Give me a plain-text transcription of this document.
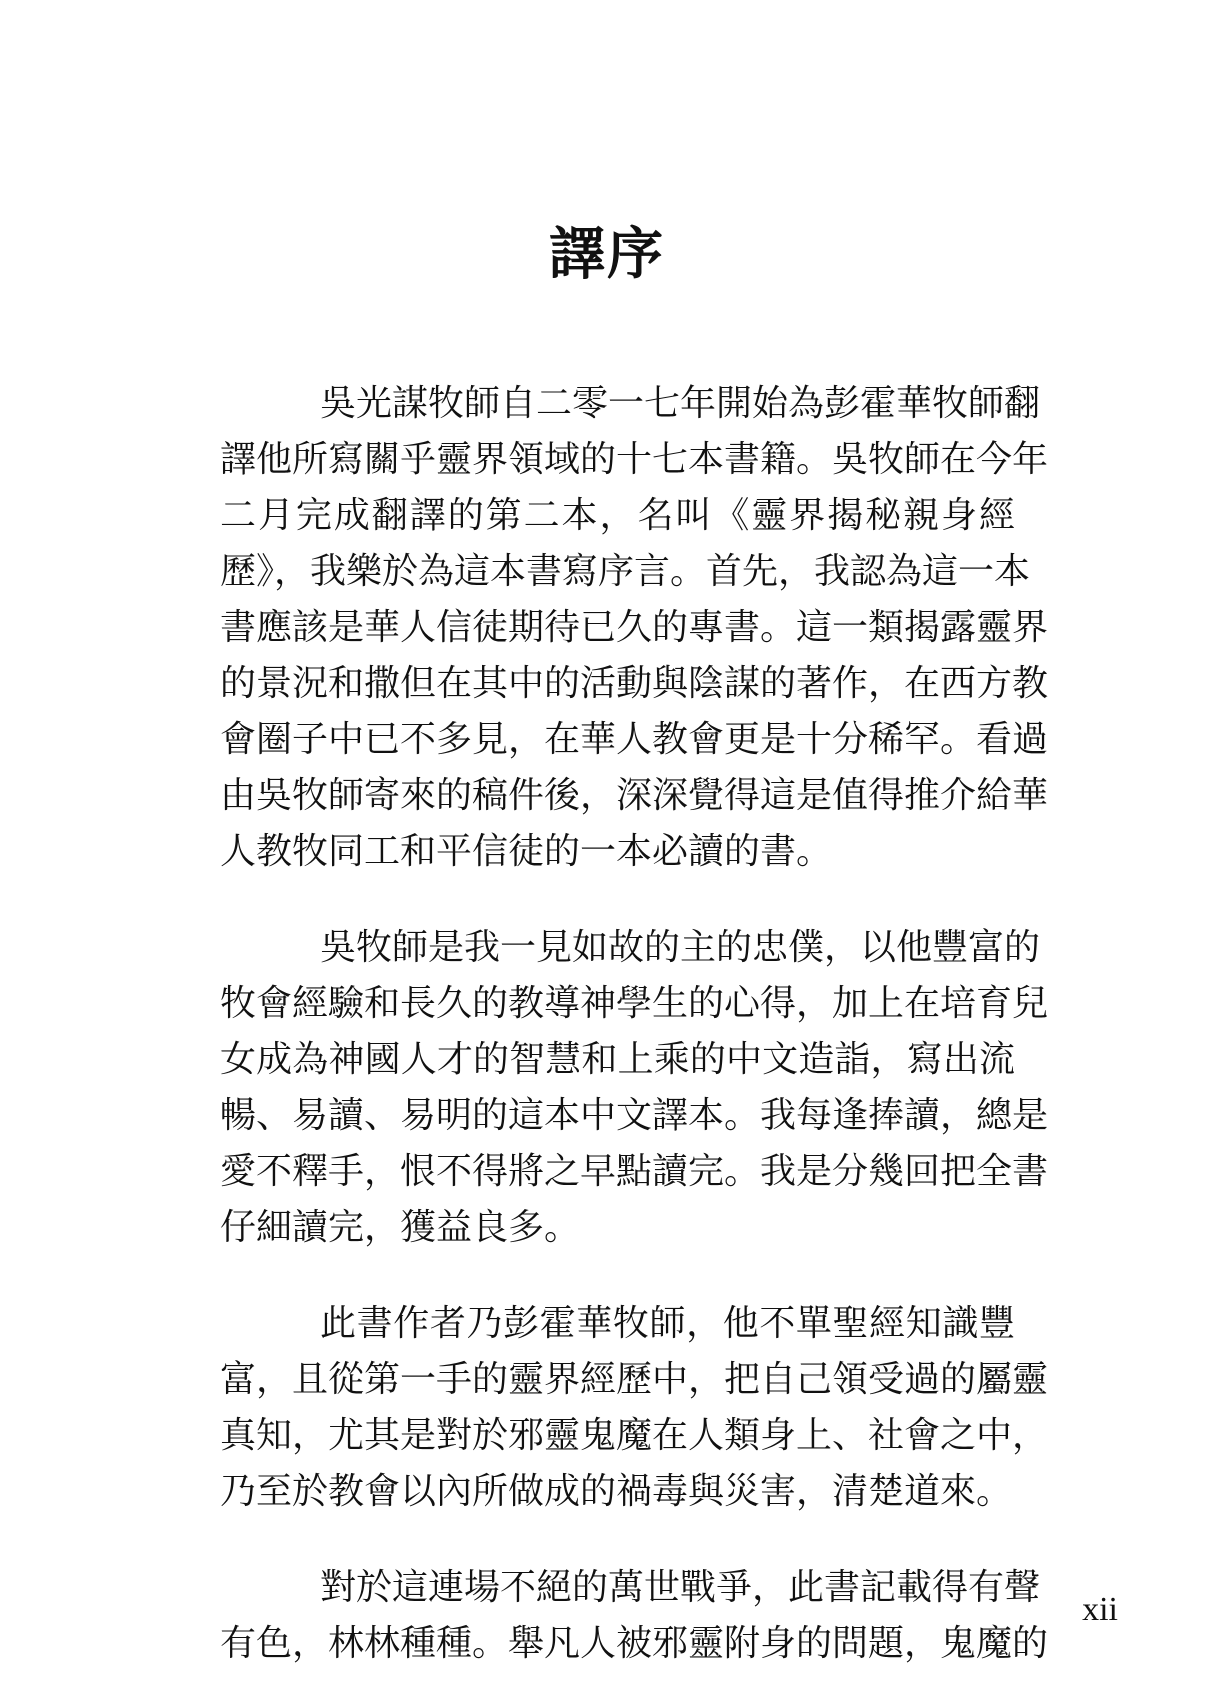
譯序
吳光謀牧師自二零一七年開始為彭霍華牧師翻
譯他所寫關乎靈界領域的十七本書籍。吳牧師在今年
二月完成翻譯的第二本，名叫《靈界揭秘親身經
歷》，我樂於為這本書寫序言。首先，我認為這一本
書應該是華人信徒期待已久的專書。這一類揭露靈界
的景況和撒但在其中的活動與陰謀的著作，在西方教
會圈子中已不多見，在華人教會更是十分稀罕。看過
由吳牧師寄來的稿件後，深深覺得這是值得推介給華
人教牧同工和平信徒的一本必讀的書。
吳牧師是我一見如故的主的忠僕，以他豐富的
牧會經驗和長久的教導神學生的心得，加上在培育兒
女成為神國人才的智慧和上乘的中文造詣，寫出流
暢、易讀、易明的這本中文譯本。我每逢捧讀，總是
愛不釋手，恨不得將之早點讀完。我是分幾回把全書
仔細讀完，獲益良多。
此書作者乃彭霍華牧師，他不單聖經知識豐
富，且從第一手的靈界經歷中，把自己領受過的屬靈
真知，尤其是對於邪靈鬼魔在人類身上、社會之中，
乃至於教會以內所做成的禍毒與災害，清楚道來。
對於這連場不絕的萬世戰爭，此書記載得有聲
有色，林林種種。舉凡人被邪靈附身的問題，鬼魔的
xii
